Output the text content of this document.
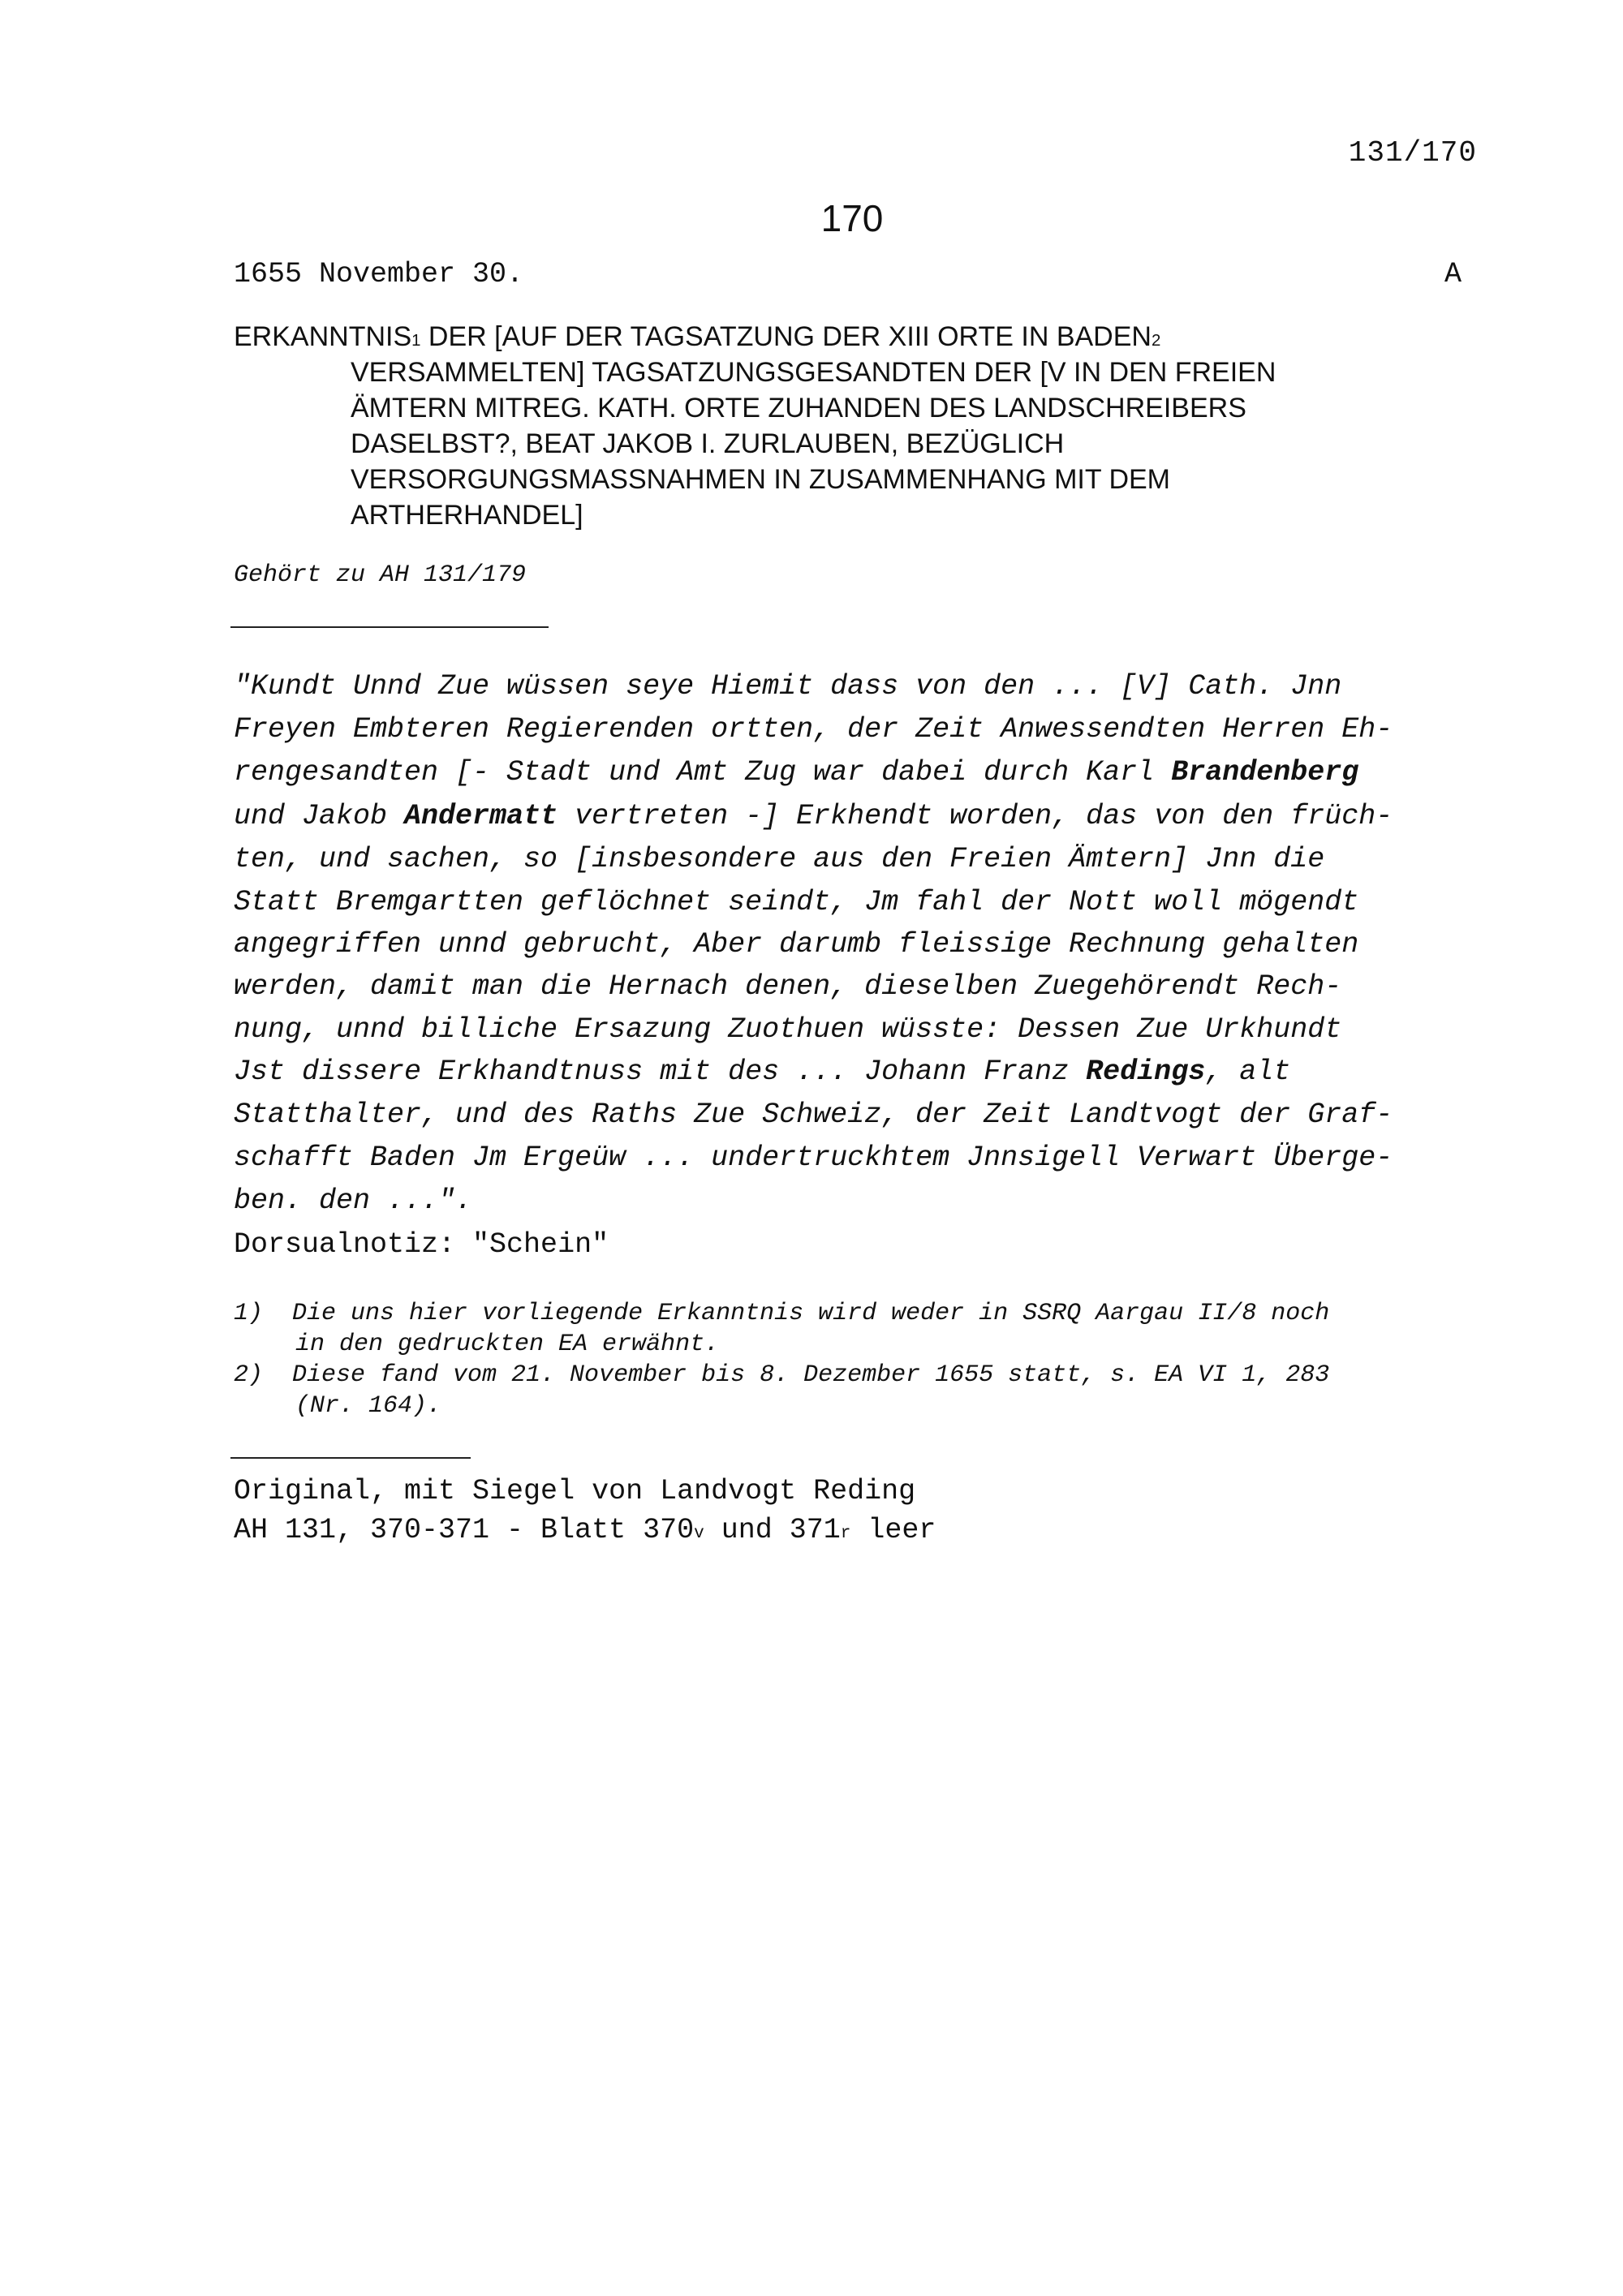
131/170
170
1655 November 30.	A
ERKANNTNIS$^1$ DER [AUF DER TAGSATZUNG DER XIII ORTE IN BADEN$^2$
VERSAMMELTEN] TAGSATZUNGSGESANDTEN DER [V IN DEN FREIEN
ÄMTERN MITREG. KATH. ORTE ZUHANDEN DES LANDSCHREIBERS
DASELBST?, BEAT JAKOB I. ZURLAUBEN, BEZÜGLICH
VERSORGUNGSMASSNAHMEN IN ZUSAMMENHANG MIT DEM
ARTHERHANDEL]
Gehört zu AH 131/179
"Kundt Unnd Zue wüssen seye Hiemit dass von den ... [V] Cath. Jnn
Freyen Embteren Regierenden ortten, der Zeit Anwessendten Herren Eh-
rengesandten [- Stadt und Amt Zug war dabei durch Karl Brandenberg
und Jakob Andermatt vertreten -] Erkhendt worden, das von den früch-
ten, und sachen, so [insbesondere aus den Freien Ämtern] Jnn die
Statt Bremgartten geflöchnet seindt, Jm fahl der Nott woll mögendt
angegriffen unnd gebrucht, Aber darumb fleissige Rechnung gehalten
werden, damit man die Hernach denen, dieselben Zuegehörendt Rech-
nung, unnd billiche Ersazung Zuothuen wüsste: Dessen Zue Urkhundt
Jst dissere Erkhandtnuss mit des ... Johann Franz Redings, alt
Statthalter, und des Raths Zue Schweiz, der Zeit Landtvogt der Graf-
schafft Baden Jm Ergeüw ... undertruckhtem Jnnsigell Verwart Überge-
ben. den ...".
Dorsualnotiz: "Schein"
1) Die uns hier vorliegende Erkanntnis wird weder in SSRQ Aargau II/8 noch
in den gedruckten EA erwähnt.
2) Diese fand vom 21. November bis 8. Dezember 1655 statt, s. EA VI 1, 283
(Nr. 164).
Original, mit Siegel von Landvogt Reding
AH 131, 370-371 - Blatt 370$^v$ und 371$^r$ leer
